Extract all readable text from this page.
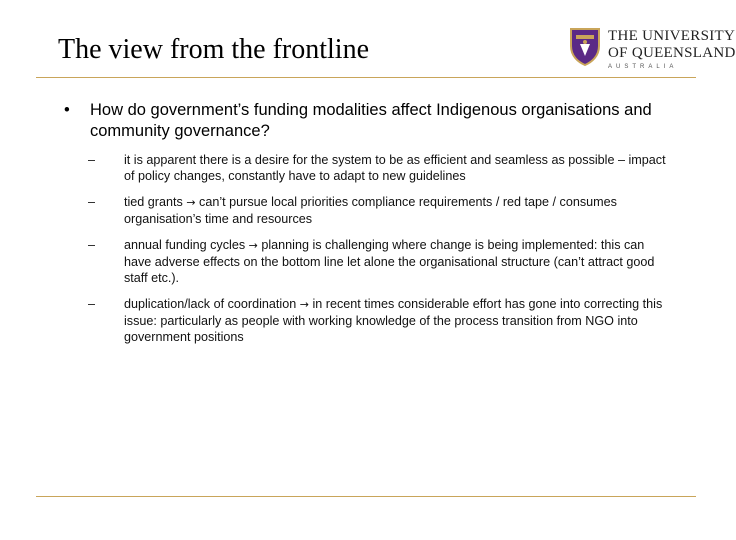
The view from the frontline	THE UNIVERSITY
OF QUEENSLAND
AUSTRALIA
• How do government’s funding modalities affect Indigenous organisations and community governance?
– it is apparent there is a desire for the system to be as efficient and seamless as possible – impact of policy changes, constantly have to adapt to new guidelines
– tied grants → can’t pursue local priorities compliance requirements / red tape / consumes organisation’s time and resources
– annual funding cycles → planning is challenging where change is being implemented: this can have adverse effects on the bottom line let alone the organisational structure (can’t attract good staff etc.).
– duplication/lack of coordination → in recent times considerable effort has gone into correcting this issue: particularly as people with working knowledge of the process transition from NGO into government positions
